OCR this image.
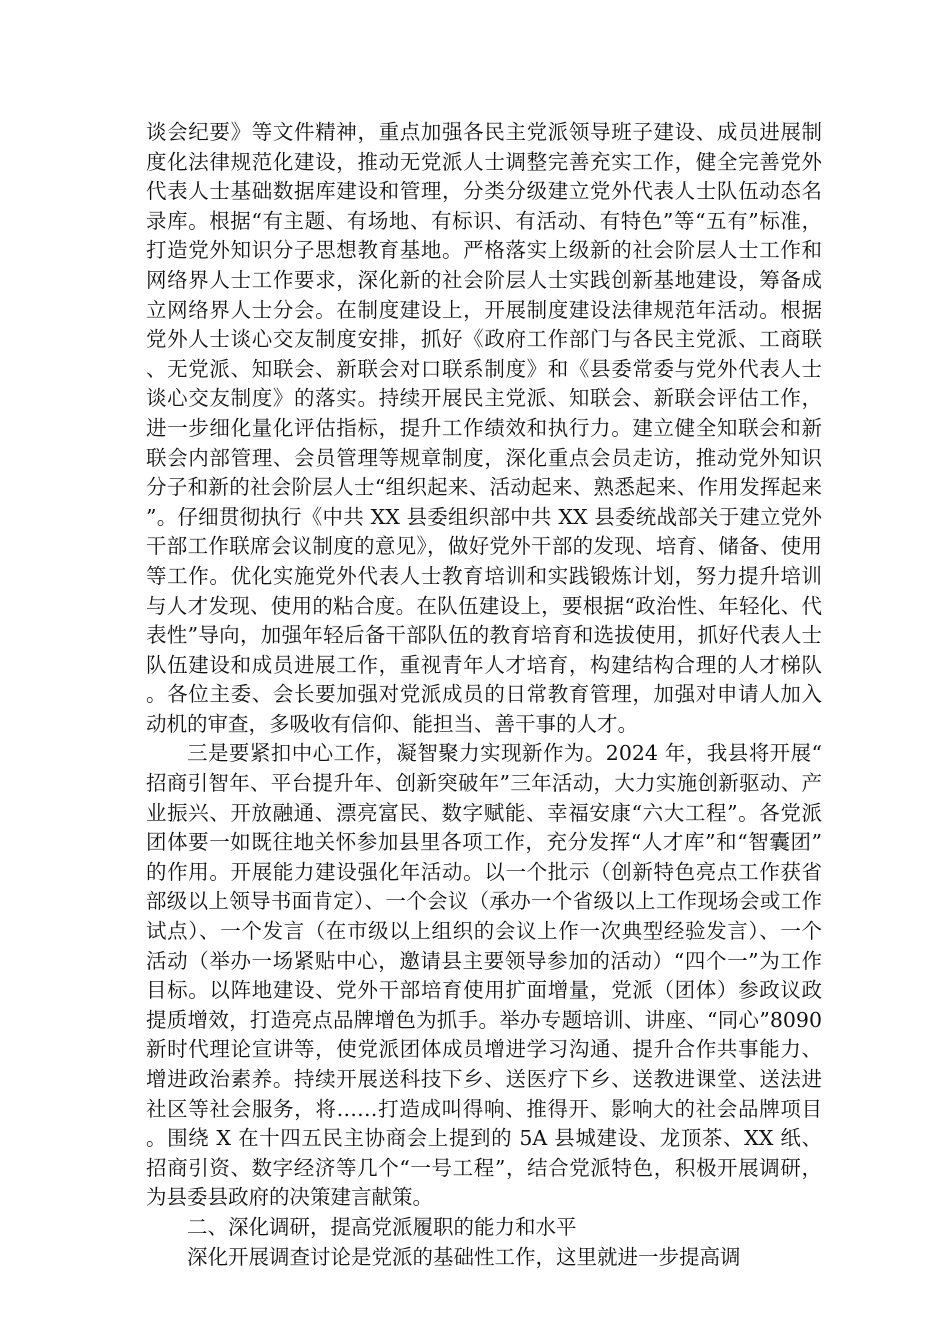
谈会纪要》等文件精神，重点加强各民主党派领导班子建设、成员进展制度化法律规范化建设，推动无党派人士调整完善充实工作，健全完善党外代表人士基础数据库建设和管理，分类分级建立党外代表人士队伍动态名录库。根据“有主题、有场地、有标识、有活动、有特色”等“五有”标准，打造党外知识分子思想教育基地。严格落实上级新的社会阶层人士工作和网络界人士工作要求，深化新的社会阶层人士实践创新基地建设，筹备成立网络界人士分会。在制度建设上，开展制度建设法律规范年活动。根据党外人士谈心交友制度安排，抓好《政府工作部门与各民主党派、工商联、无党派、知联会、新联会对口联系制度》和《县委常委与党外代表人士谈心交友制度》的落实。持续开展民主党派、知联会、新联会评估工作，进一步细化量化评估指标，提升工作绩效和执行力。建立健全知联会和新联会内部管理、会员管理等规章制度，深化重点会员走访，推动党外知识分子和新的社会阶层人士“组织起来、活动起来、熟悉起来、作用发挥起来”。仔细贯彻执行《中共 XX 县委组织部中共 XX 县委统战部关于建立党外干部工作联席会议制度的意见》，做好党外干部的发现、培育、储备、使用等工作。优化实施党外代表人士教育培训和实践锻炼计划，努力提升培训与人才发现、使用的粘合度。在队伍建设上，要根据“政治性、年轻化、代表性”导向，加强年轻后备干部队伍的教育培育和选拔使用，抓好代表人士队伍建设和成员进展工作，重视青年人才培育，构建结构合理的人才梯队。各位主委、会长要加强对党派成员的日常教育管理，加强对申请人加入动机的审查，多吸收有信仰、能担当、善干事的人才。

三是要紧扣中心工作，凝智聚力实现新作为。2024 年，我县将开展“招商引智年、平台提升年、创新突破年”三年活动，大力实施创新驱动、产业振兴、开放融通、漂亮富民、数字赋能、幸福安康“六大工程”。各党派团体要一如既往地关怀参加县里各项工作，充分发挥“人才库”和“智囊团”的作用。开展能力建设强化年活动。以一个批示（创新特色亮点工作获省部级以上领导书面肯定）、一个会议（承办一个省级以上工作现场会或工作试点）、一个发言（在市级以上组织的会议上作一次典型经验发言）、一个活动（举办一场紧贴中心，邀请县主要领导参加的活动）“四个一”为工作目标。以阵地建设、党外干部培育使用扩面增量，党派（团体）参政议政提质增效，打造亮点品牌增色为抓手。举办专题培训、讲座、“同心”8090 新时代理论宣讲等，使党派团体成员增进学习沟通、提升合作共事能力、增进政治素养。持续开展送科技下乡、送医疗下乡、送教进课堂、送法进社区等社会服务，将……打造成叫得响、推得开、影响大的社会品牌项目。围绕 X 在十四五民主协商会上提到的 5A 县城建设、龙顶茶、XX 纸、招商引资、数字经济等几个“一号工程”，结合党派特色，积极开展调研，为县委县政府的决策建言献策。

二、深化调研，提高党派履职的能力和水平

深化开展调查讨论是党派的基础性工作，这里就进一步提高调
